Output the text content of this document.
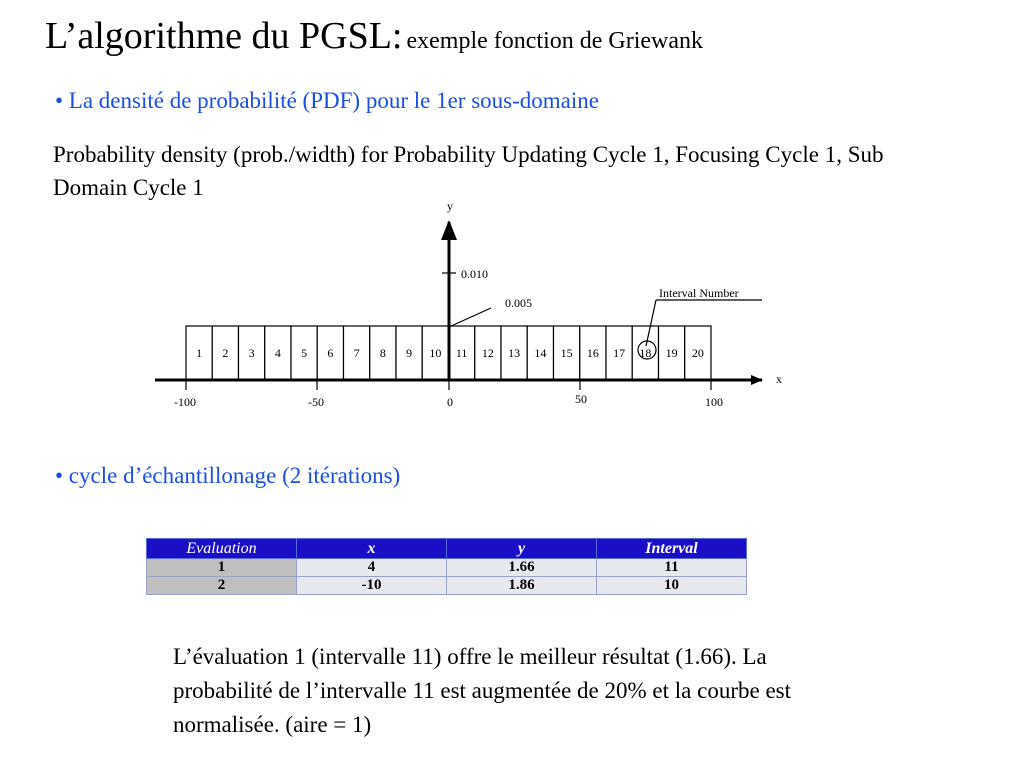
L’algorithme du PGSL: exemple fonction de Griewank
• La densité de probabilité (PDF) pour le 1er sous-domaine
Probability density (prob./width) for Probability Updating Cycle 1, Focusing Cycle 1, Sub Domain Cycle 1
1 2 3 4 5 6 7 8 9 10 11 12 13 14 15 16 17 18 19 20
x
y
0.010
0.005
Interval Number
-100	-50	0	50	100
• cycle d’échantillonage (2 itérations)
Evaluation	x	y	Interval
1	4	1.66	11
2	-10	1.86	10
L’évaluation 1 (intervalle 11) offre le meilleur résultat (1.66). La probabilité de l’intervalle 11 est augmentée de 20% et la courbe est normalisée. (aire = 1)
